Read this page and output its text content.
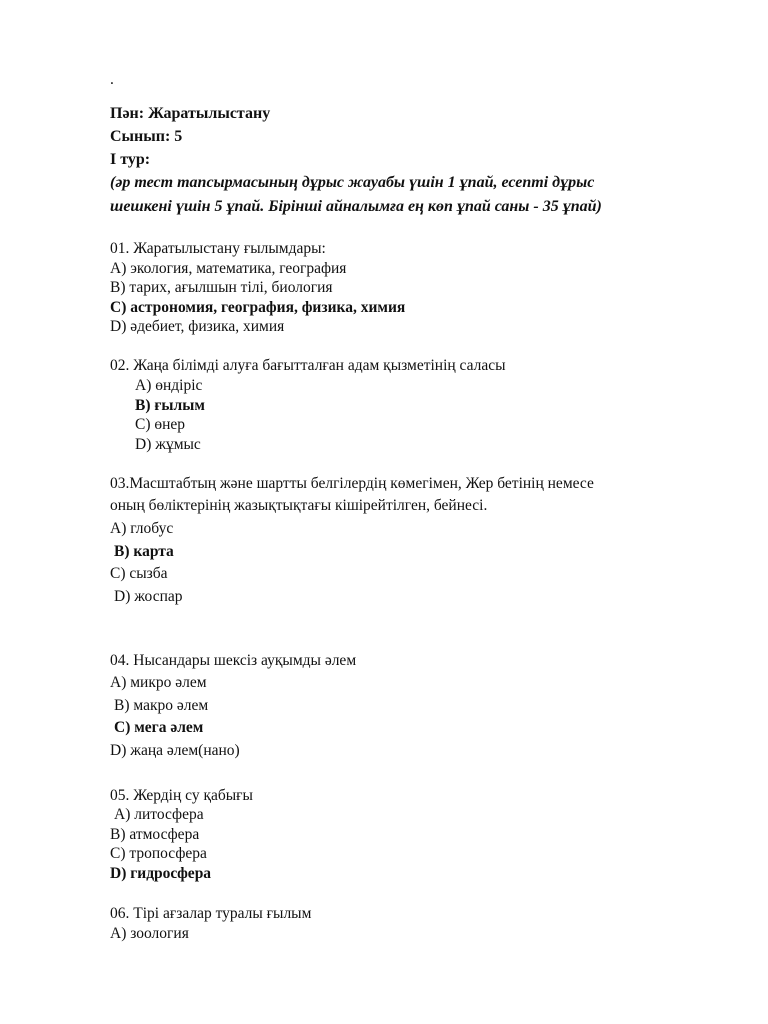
.
Пән: Жаратылыстану
Сынып: 5
І тур:
(әр тест тапсырмасының дұрыс жауабы үшін 1 ұпай, есепті дұрыс
шешкені үшін 5 ұпай. Бірінші айналымға ең көп ұпай саны - 35 ұпай)
01. Жаратылыстану ғылымдары:
А) экология, математика, география
В) тарих, ағылшын тілі, биология
С) астрономия, география, физика, химия
D) әдебиет, физика, химия
02. Жаңа білімді алуға бағытталған адам қызметінің саласы
А) өндіріс
В) ғылым
С) өнер
D) жұмыс
03.Масштабтың және шартты белгілердің көмегімен, Жер бетінің немесе
оның бөліктерінің жазықтықтағы кішірейтілген, бейнесі.
А) глобус
В) карта
С) сызба
D) жоспар
04. Нысандары шексіз ауқымды әлем
А) микро әлем
В) макро әлем
С) мега әлем
D) жаңа әлем(нано)
05. Жердің су қабығы
А) литосфера
В) атмосфера
С) тропосфера
D) гидросфера
06. Тірі ағзалар туралы ғылым
А) зоология
